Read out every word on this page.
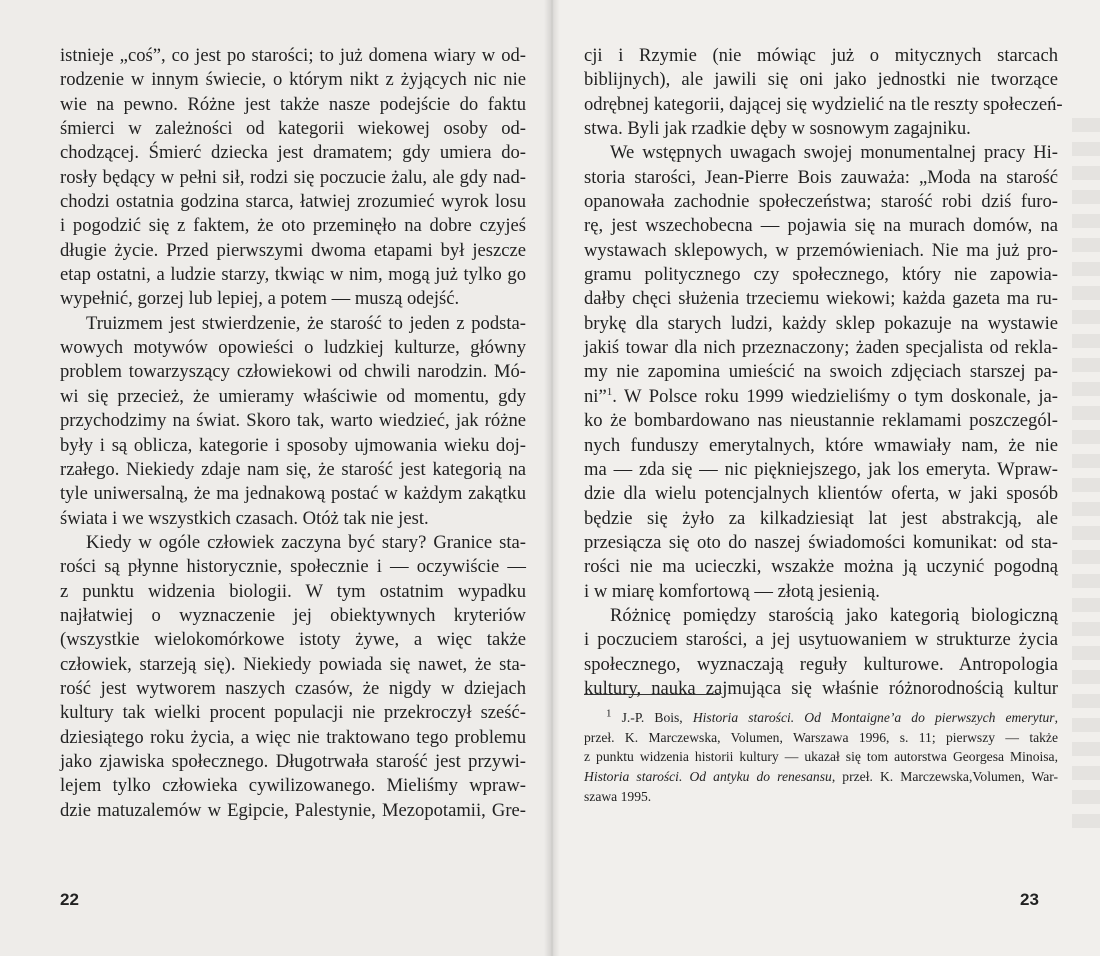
istnieje „coś”, co jest po starości; to już domena wiary w od-
rodzenie w innym świecie, o którym nikt z żyjących nic nie
wie na pewno. Różne jest także nasze podejście do faktu
śmierci w zależności od kategorii wiekowej osoby od-
chodzącej. Śmierć dziecka jest dramatem; gdy umiera do-
rosły będący w pełni sił, rodzi się poczucie żalu, ale gdy nad-
chodzi ostatnia godzina starca, łatwiej zrozumieć wyrok losu
i pogodzić się z faktem, że oto przeminęło na dobre czyjeś
długie życie. Przed pierwszymi dwoma etapami był jeszcze
etap ostatni, a ludzie starzy, tkwiąc w nim, mogą już tylko go
wypełnić, gorzej lub lepiej, a potem — muszą odejść.

Truizmem jest stwierdzenie, że starość to jeden z podsta-
wowych motywów opowieści o ludzkiej kulturze, główny
problem towarzyszący człowiekowi od chwili narodzin. Mó-
wi się przecież, że umieramy właściwie od momentu, gdy
przychodzimy na świat. Skoro tak, warto wiedzieć, jak różne
były i są oblicza, kategorie i sposoby ujmowania wieku doj-
rzałego. Niekiedy zdaje nam się, że starość jest kategorią na
tyle uniwersalną, że ma jednakową postać w każdym zakątku
świata i we wszystkich czasach. Otóż tak nie jest.

Kiedy w ogóle człowiek zaczyna być stary? Granice sta-
rości są płynne historycznie, społecznie i — oczywiście —
z punktu widzenia biologii. W tym ostatnim wypadku
najłatwiej o wyznaczenie jej obiektywnych kryteriów
(wszystkie wielokomórkowe istoty żywe, a więc także
człowiek, starzeją się). Niekiedy powiada się nawet, że sta-
rość jest wytworem naszych czasów, że nigdy w dziejach
kultury tak wielki procent populacji nie przekroczył sześć-
dziesiątego roku życia, a więc nie traktowano tego problemu
jako zjawiska społecznego. Długotrwała starość jest przywi-
lejem tylko człowieka cywilizowanego. Mieliśmy wpraw-
dzie matuzalemów w Egipcie, Palestynie, Mezopotamii, Gre-

22

cji i Rzymie (nie mówiąc już o mitycznych starcach
biblijnych), ale jawili się oni jako jednostki nie tworzące
odrębnej kategorii, dającej się wydzielić na tle reszty społeczeń-
stwa. Byli jak rzadkie dęby w sosnowym zagajniku.

We wstępnych uwagach swojej monumentalnej pracy Hi-
storia starości, Jean-Pierre Bois zauważa: „Moda na starość
opanowała zachodnie społeczeństwa; starość robi dziś furo-
rę, jest wszechobecna — pojawia się na murach domów, na
wystawach sklepowych, w przemówieniach. Nie ma już pro-
gramu politycznego czy społecznego, który nie zapowia-
dałby chęci służenia trzeciemu wiekowi; każda gazeta ma ru-
brykę dla starych ludzi, każdy sklep pokazuje na wystawie
jakiś towar dla nich przeznaczony; żaden specjalista od rekla-
my nie zapomina umieścić na swoich zdjęciach starszej pa-
ni”$^1$. W Polsce roku 1999 wiedzieliśmy o tym doskonale, ja-
ko że bombardowano nas nieustannie reklamami poszczegól-
nych funduszy emerytalnych, które wmawiały nam, że nie
ma — zda się — nic piękniejszego, jak los emeryta. Wpraw-
dzie dla wielu potencjalnych klientów oferta, w jaki sposób
będzie się żyło za kilkadziesiąt lat jest abstrakcją, ale
przesiącza się oto do naszej świadomości komunikat: od sta-
rości nie ma ucieczki, wszakże można ją uczynić pogodną
i w miarę komfortową — złotą jesienią.

Różnicę pomiędzy starością jako kategorią biologiczną
i poczuciem starości, a jej usytuowaniem w strukturze życia
społecznego, wyznaczają reguły kulturowe. Antropologia
kultury, nauka zajmująca się właśnie różnorodnością kultur

$^1$ J.-P. Bois, Historia starości. Od Montaigne’a do pierwszych emerytur,
przeł. K. Marczewska, Volumen, Warszawa 1996, s. 11; pierwszy — także
z punktu widzenia historii kultury — ukazał się tom autorstwa Georgesa Minoisa,
Historia starości. Od antyku do renesansu, przeł. K. Marczewska,Volumen, War-
szawa 1995.
23
